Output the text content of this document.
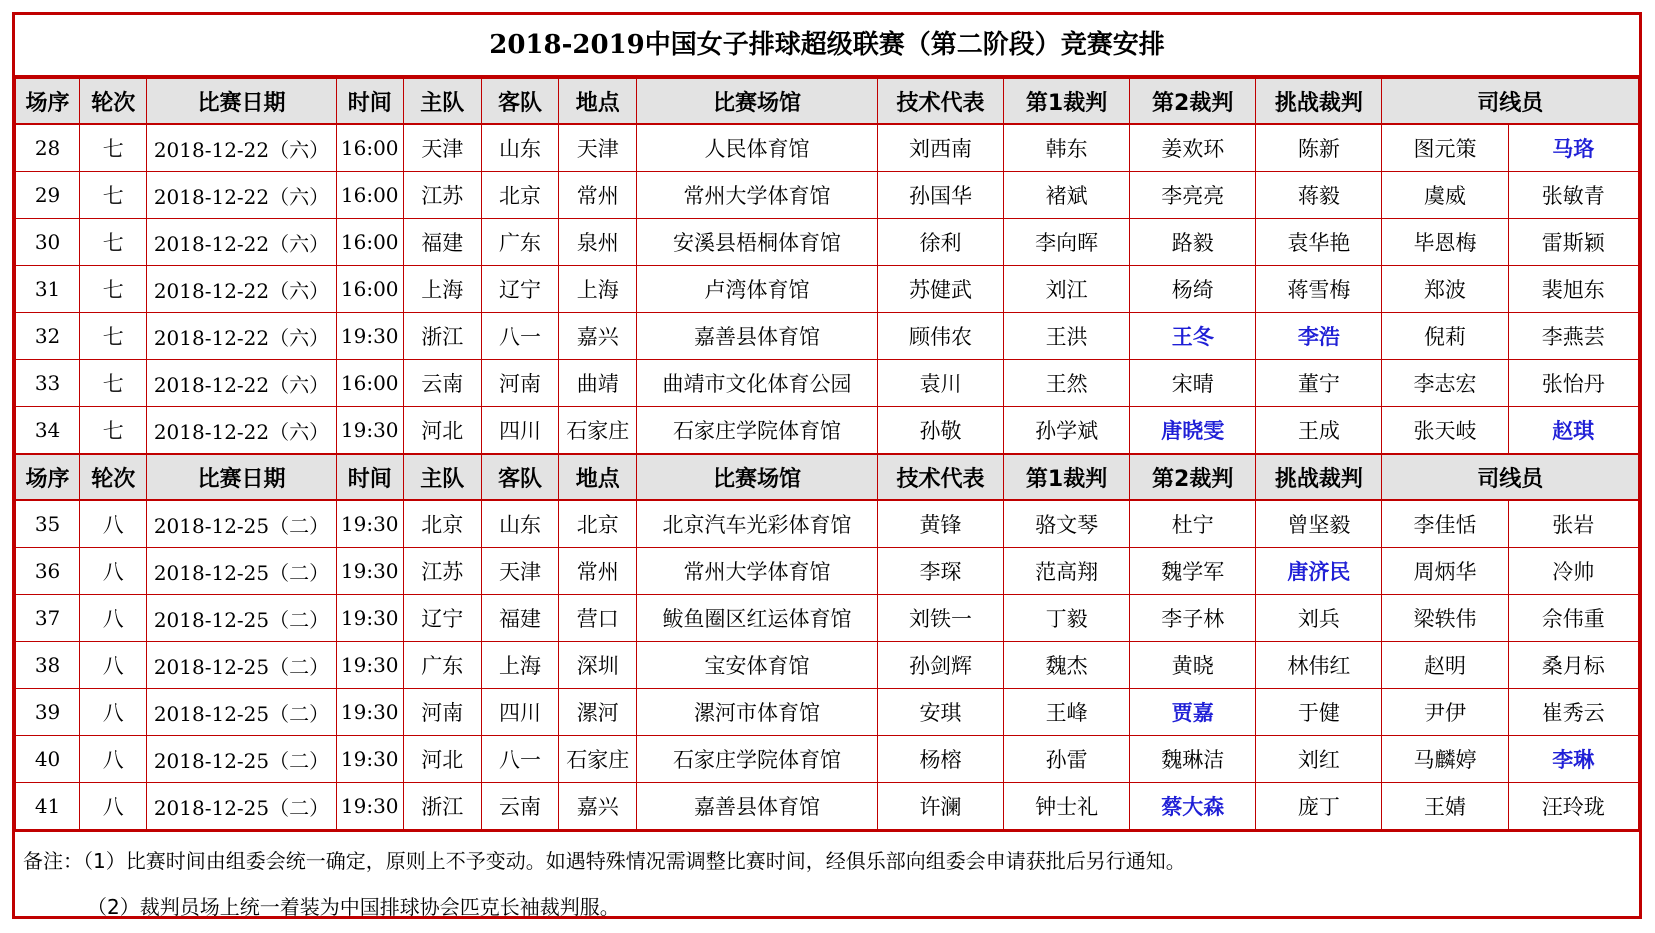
2018-2019中国女子排球超级联赛（第二阶段）竞赛安排
场序	轮次	比赛日期	时间	主队	客队	地点	比赛场馆	技术代表	第1裁判	第2裁判	挑战裁判	司线员	
28	七	2018-12-22（六）	16:00	天津	山东	天津	人民体育馆	刘西南	韩东	姜欢环	陈新	图元策	马珞
29	七	2018-12-22（六）	16:00	江苏	北京	常州	常州大学体育馆	孙国华	褚斌	李亮亮	蒋毅	虞威	张敏青
30	七	2018-12-22（六）	16:00	福建	广东	泉州	安溪县梧桐体育馆	徐利	李向晖	路毅	袁华艳	毕恩梅	雷斯颖
31	七	2018-12-22（六）	16:00	上海	辽宁	上海	卢湾体育馆	苏健武	刘江	杨绮	蒋雪梅	郑波	裴旭东
32	七	2018-12-22（六）	19:30	浙江	八一	嘉兴	嘉善县体育馆	顾伟农	王洪	王冬	李浩	倪莉	李燕芸
33	七	2018-12-22（六）	16:00	云南	河南	曲靖	曲靖市文化体育公园	袁川	王然	宋晴	董宁	李志宏	张怡丹
34	七	2018-12-22（六）	19:30	河北	四川	石家庄	石家庄学院体育馆	孙敬	孙学斌	唐晓雯	王成	张天岐	赵琪
场序	轮次	比赛日期	时间	主队	客队	地点	比赛场馆	技术代表	第1裁判	第2裁判	挑战裁判	司线员	
35	八	2018-12-25（二）	19:30	北京	山东	北京	北京汽车光彩体育馆	黄锋	骆文琴	杜宁	曾坚毅	李佳恬	张岩
36	八	2018-12-25（二）	19:30	江苏	天津	常州	常州大学体育馆	李琛	范高翔	魏学军	唐济民	周炳华	冷帅
37	八	2018-12-25（二）	19:30	辽宁	福建	营口	鲅鱼圈区红运体育馆	刘铁一	丁毅	李子林	刘兵	梁轶伟	佘伟重
38	八	2018-12-25（二）	19:30	广东	上海	深圳	宝安体育馆	孙剑辉	魏杰	黄晓	林伟红	赵明	桑月标
39	八	2018-12-25（二）	19:30	河南	四川	漯河	漯河市体育馆	安琪	王峰	贾嘉	于健	尹伊	崔秀云
40	八	2018-12-25（二）	19:30	河北	八一	石家庄	石家庄学院体育馆	杨榕	孙雷	魏琳洁	刘红	马麟婷	李琳
41	八	2018-12-25（二）	19:30	浙江	云南	嘉兴	嘉善县体育馆	许澜	钟士礼	蔡大森	庞丁	王婧	汪玲珑
备注：（1）比赛时间由组委会统一确定，原则上不予变动。如遇特殊情况需调整比赛时间，经俱乐部向组委会申请获批后另行通知。
（2）裁判员场上统一着装为中国排球协会匹克长袖裁判服。
